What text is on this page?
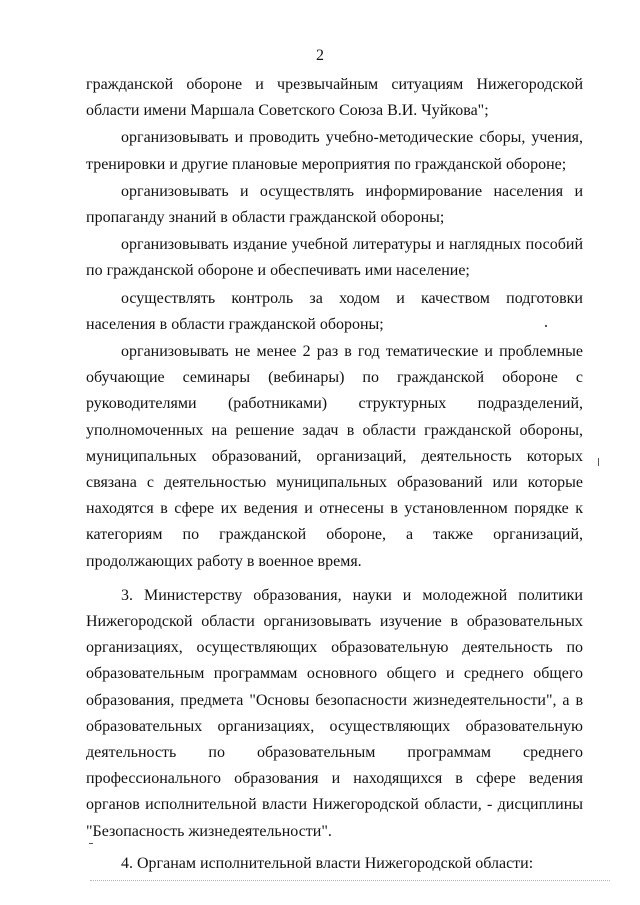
2

гражданской обороне и чрезвычайным ситуациям Нижегородской области имени Маршала Советского Союза В.И. Чуйкова";

организовывать и проводить учебно-методические сборы, учения, тренировки и другие плановые мероприятия по гражданской обороне;

организовывать и осуществлять информирование населения и пропаганду знаний в области гражданской обороны;

организовывать издание учебной литературы и наглядных пособий по гражданской обороне и обеспечивать ими население;

осуществлять контроль за ходом и качеством подготовки населения в области гражданской обороны;

организовывать не менее 2 раз в год тематические и проблемные обучающие семинары (вебинары) по гражданской обороне с руководителями (работниками) структурных подразделений, уполномоченных на решение задач в области гражданской обороны, муниципальных образований, организаций, деятельность которых связана с деятельностью муниципальных образований или которые находятся в сфере их ведения и отнесены в установленном порядке к категориям по гражданской обороне, а также организаций, продолжающих работу в военное время.

3. Министерству образования, науки и молодежной политики Нижегородской области организовывать изучение в образовательных организациях, осуществляющих образовательную деятельность по образовательным программам основного общего и среднего общего образования, предмета "Основы безопасности жизнедеятельности", а в образовательных организациях, осуществляющих образовательную деятельность по образовательным программам среднего профессионального образования и находящихся в сфере ведения органов исполнительной власти Нижегородской области, - дисциплины "Безопасность жизнедеятельности".

4. Органам исполнительной власти Нижегородской области:
